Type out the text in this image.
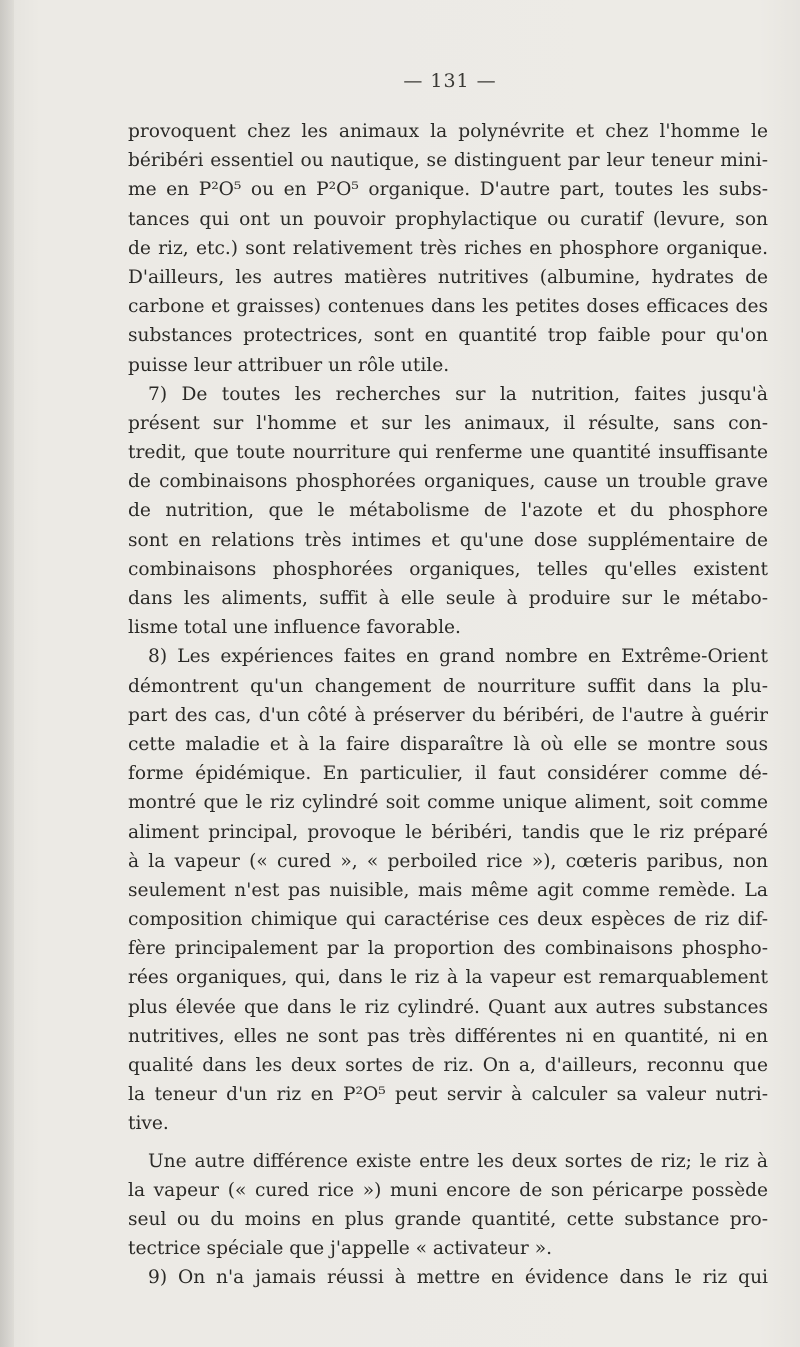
— 131 —
provoquent chez les animaux la polynévrite et chez l'homme le
béribéri essentiel ou nautique, se distinguent par leur teneur mini-
me en P²O⁵ ou en P²O⁵ organique. D'autre part, toutes les subs-
tances qui ont un pouvoir prophylactique ou curatif (levure, son
de riz, etc.) sont relativement très riches en phosphore organique.
D'ailleurs, les autres matières nutritives (albumine, hydrates de
carbone et graisses) contenues dans les petites doses efficaces des
substances protectrices, sont en quantité trop faible pour qu'on
puisse leur attribuer un rôle utile.
7) De toutes les recherches sur la nutrition, faites jusqu'à
présent sur l'homme et sur les animaux, il résulte, sans con-
tredit, que toute nourriture qui renferme une quantité insuffisante
de combinaisons phosphorées organiques, cause un trouble grave
de nutrition, que le métabolisme de l'azote et du phosphore
sont en relations très intimes et qu'une dose supplémentaire de
combinaisons phosphorées organiques, telles qu'elles existent
dans les aliments, suffit à elle seule à produire sur le métabo-
lisme total une influence favorable.
8) Les expériences faites en grand nombre en Extrême-Orient
démontrent qu'un changement de nourriture suffit dans la plu-
part des cas, d'un côté à préserver du béribéri, de l'autre à guérir
cette maladie et à la faire disparaître là où elle se montre sous
forme épidémique. En particulier, il faut considérer comme dé-
montré que le riz cylindré soit comme unique aliment, soit comme
aliment principal, provoque le béribéri, tandis que le riz préparé
à la vapeur (« cured », « perboiled rice »), cœteris paribus, non
seulement n'est pas nuisible, mais même agit comme remède. La
composition chimique qui caractérise ces deux espèces de riz dif-
fère principalement par la proportion des combinaisons phospho-
rées organiques, qui, dans le riz à la vapeur est remarquablement
plus élevée que dans le riz cylindré. Quant aux autres substances
nutritives, elles ne sont pas très différentes ni en quantité, ni en
qualité dans les deux sortes de riz. On a, d'ailleurs, reconnu que
la teneur d'un riz en P²O⁵ peut servir à calculer sa valeur nutri-
tive.
Une autre différence existe entre les deux sortes de riz; le riz à
la vapeur (« cured rice ») muni encore de son péricarpe possède
seul ou du moins en plus grande quantité, cette substance pro-
tectrice spéciale que j'appelle « activateur ».
9) On n'a jamais réussi à mettre en évidence dans le riz qui
